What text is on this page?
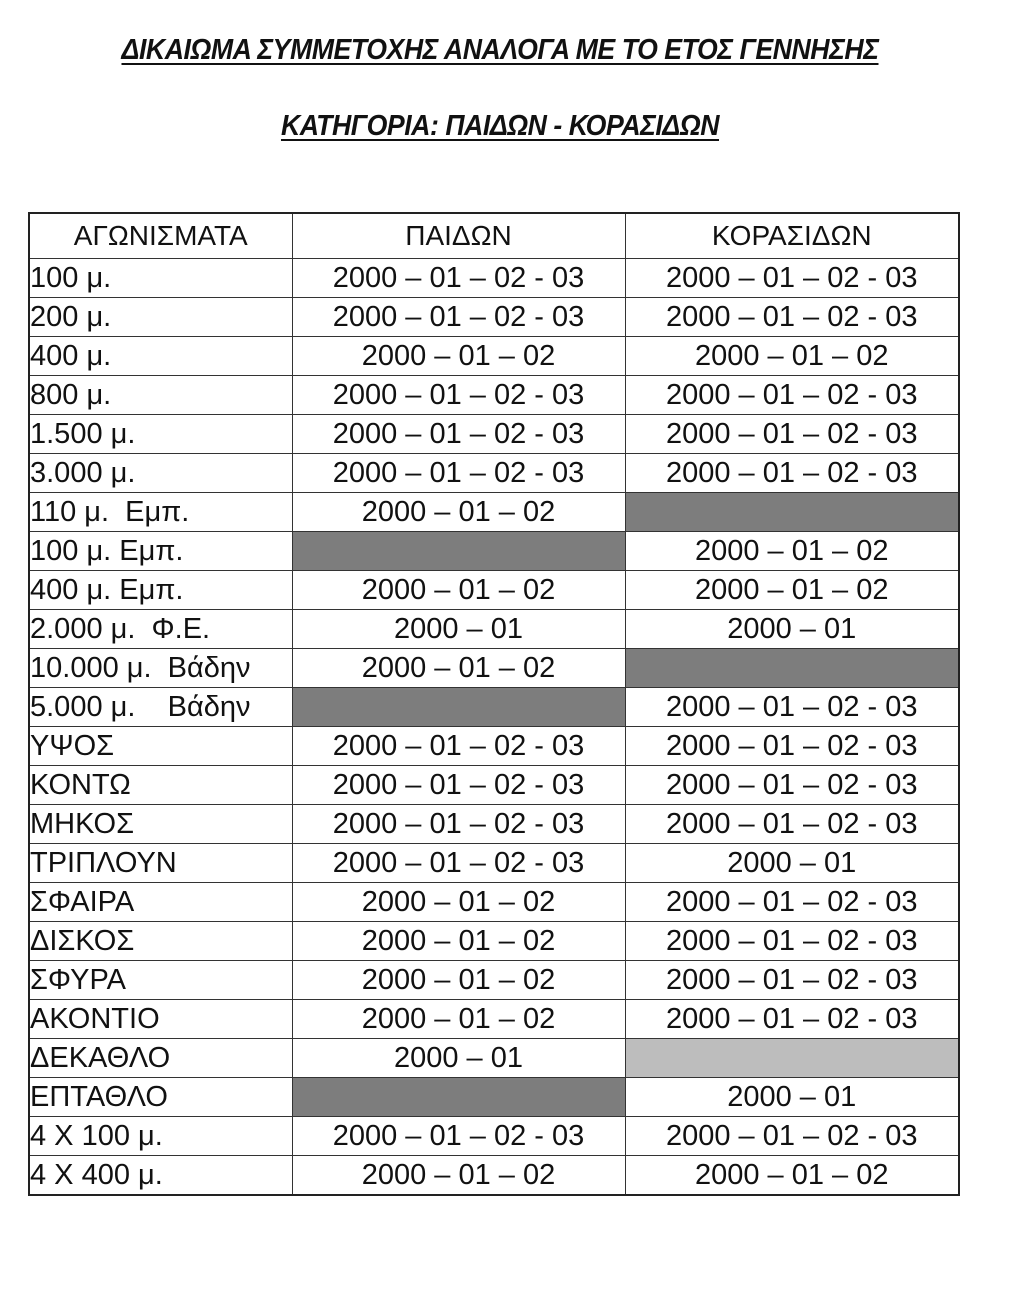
ΔΙΚΑΙΩΜΑ ΣΥΜΜΕΤΟΧΗΣ ΑΝΑΛΟΓΑ ΜΕ ΤΟ ΕΤΟΣ ΓΕΝΝΗΣΗΣ
ΚΑΤΗΓΟΡΙΑ: ΠΑΙΔΩΝ - ΚΟΡΑΣΙΔΩΝ
ΑΓΩΝΙΣΜΑΤΑ	ΠΑΙΔΩΝ	ΚΟΡΑΣΙΔΩΝ
100 μ.	2000 – 01 – 02 - 03	2000 – 01 – 02 - 03
200 μ.	2000 – 01 – 02 - 03	2000 – 01 – 02 - 03
400 μ.	2000 – 01 – 02	2000 – 01 – 02
800 μ.	2000 – 01 – 02 - 03	2000 – 01 – 02 - 03
1.500 μ.	2000 – 01 – 02 - 03	2000 – 01 – 02 - 03
3.000 μ.	2000 – 01 – 02 - 03	2000 – 01 – 02 - 03
110 μ.  Εμπ.	2000 – 01 – 02	
100 μ. Εμπ.		2000 – 01 – 02
400 μ. Εμπ.	2000 – 01 – 02	2000 – 01 – 02
2.000 μ.  Φ.Ε.	2000 – 01	2000 – 01
10.000 μ.  Βάδην	2000 – 01 – 02	
5.000 μ.    Βάδην		2000 – 01 – 02 - 03
ΥΨΟΣ	2000 – 01 – 02 - 03	2000 – 01 – 02 - 03
ΚΟΝΤΩ	2000 – 01 – 02 - 03	2000 – 01 – 02 - 03
ΜΗΚΟΣ	2000 – 01 – 02 - 03	2000 – 01 – 02 - 03
ΤΡΙΠΛΟΥΝ	2000 – 01 – 02 - 03	2000 – 01
ΣΦΑΙΡΑ	2000 – 01 – 02	2000 – 01 – 02 - 03
ΔΙΣΚΟΣ	2000 – 01 – 02	2000 – 01 – 02 - 03
ΣΦΥΡΑ	2000 – 01 – 02	2000 – 01 – 02 - 03
ΑΚΟΝΤΙΟ	2000 – 01 – 02	2000 – 01 – 02 - 03
ΔΕΚΑΘΛΟ	2000 – 01	
ΕΠΤΑΘΛΟ		2000 – 01
4 Χ 100 μ.	2000 – 01 – 02 - 03	2000 – 01 – 02 - 03
4 Χ 400 μ.	2000 – 01 – 02	2000 – 01 – 02
